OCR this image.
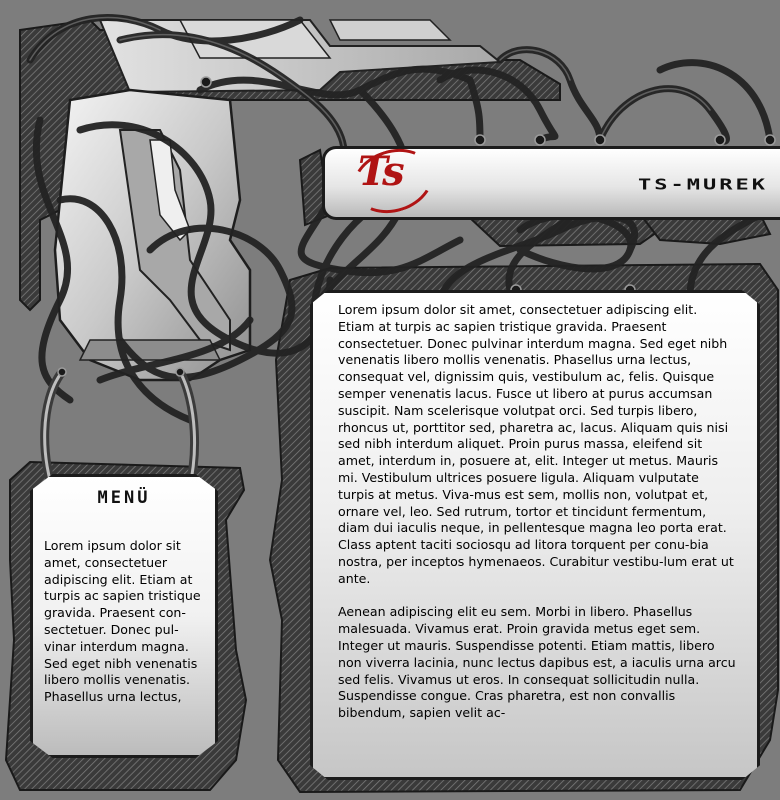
Ts	TS-MUREK
MENÜ
Lorem ipsum dolor sit amet, consectetuer adipiscing elit. Etiam at turpis ac sapien tristique gravida. Praesent con-sectetuer. Donec pul-vinar interdum magna. Sed eget nibh venenatis libero mollis venenatis. Phasellus urna lectus,

Lorem ipsum dolor sit amet, consectetuer adipiscing elit. Etiam at turpis ac sapien tristique gravida. Praesent consectetuer. Donec pulvinar interdum magna. Sed eget nibh venenatis libero mollis venenatis. Phasellus urna lectus, consequat vel, dignissim quis, vestibulum ac, felis. Quisque semper venenatis lacus. Fusce ut libero at purus accumsan suscipit. Nam scelerisque volutpat orci. Sed turpis libero, rhoncus ut, porttitor sed, pharetra ac, lacus. Aliquam quis nisi sed nibh interdum aliquet. Proin purus massa, eleifend sit amet, interdum in, posuere at, elit. Integer ut metus. Mauris mi. Vestibulum ultrices posuere ligula. Aliquam vulputate turpis at metus. Viva-mus est sem, mollis non, volutpat et, ornare vel, leo. Sed rutrum, tortor et tincidunt fermentum, diam dui iaculis neque, in pellentesque magna leo porta erat. Class aptent taciti sociosqu ad litora torquent per conu-bia nostra, per inceptos hymenaeos. Curabitur vestibu-lum erat ut ante.

Aenean adipiscing elit eu sem. Morbi in libero. Phasellus malesuada. Vivamus erat. Proin gravida metus eget sem. Integer ut mauris. Suspendisse potenti. Etiam mattis, libero non viverra lacinia, nunc lectus dapibus est, a iaculis urna arcu sed felis. Vivamus ut eros. In consequat sollicitudin nulla. Suspendisse congue. Cras pharetra, est non convallis bibendum, sapien velit ac-
